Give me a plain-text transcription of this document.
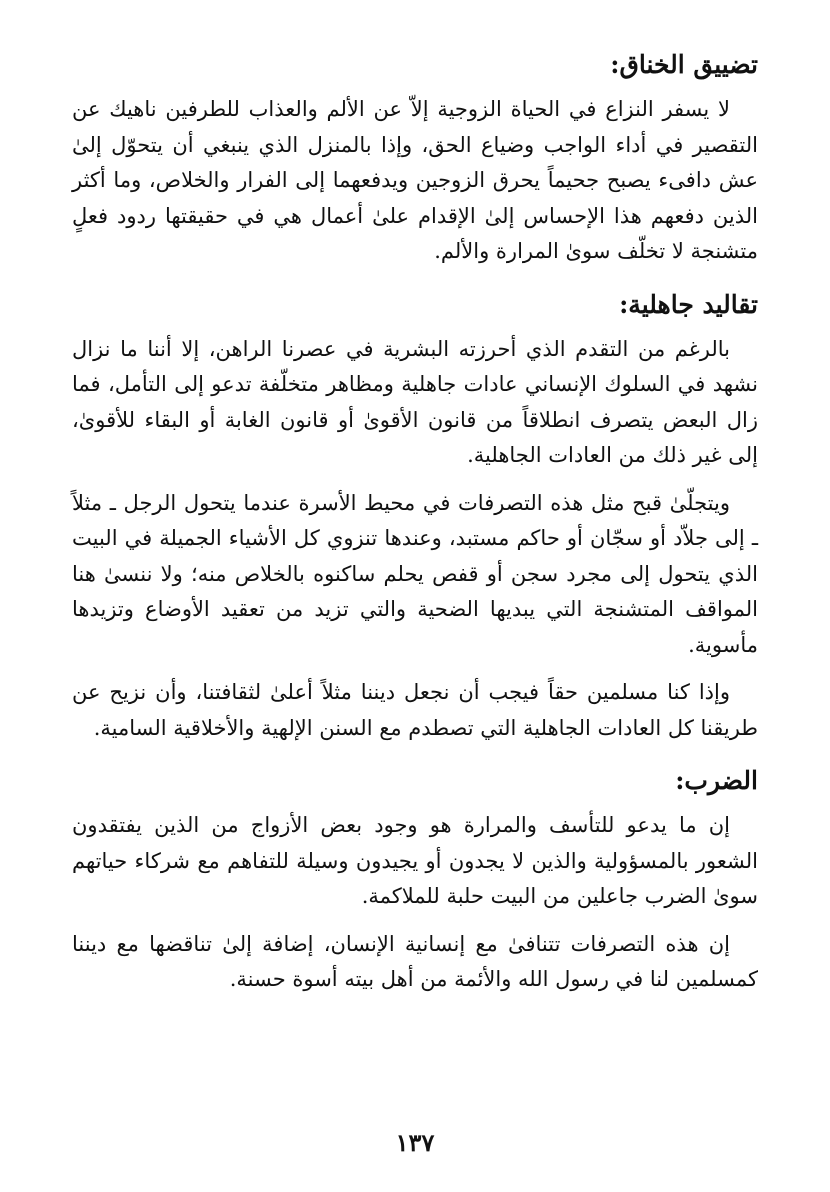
تضييق الخناق:

لا يسفر النزاع في الحياة الزوجية إلاّ عن الألم والعذاب للطرفين ناهيك عن التقصير في أداء الواجب وضياع الحق، وإذا بالمنزل الذي ينبغي أن يتحوّل إلىٰ عش دافىء يصبح جحيماً يحرق الزوجين ويدفعهما إلى الفرار والخلاص، وما أكثر الذين دفعهم هذا الإحساس إلىٰ الإقدام علىٰ أعمال هي في حقيقتها ردود فعلٍ متشنجة لا تخلّف سوىٰ المرارة والألم.

تقاليد جاهلية:

بالرغم من التقدم الذي أحرزته البشرية في عصرنا الراهن، إلا أننا ما نزال نشهد في السلوك الإنساني عادات جاهلية ومظاهر متخلّفة تدعو إلى التأمل، فما زال البعض يتصرف انطلاقاً من قانون الأقوىٰ أو قانون الغابة أو البقاء للأقوىٰ، إلى غير ذلك من العادات الجاهلية.

ويتجلّىٰ قبح مثل هذه التصرفات في محيط الأسرة عندما يتحول الرجل ـ مثلاً ـ إلى جلاّد أو سجّان أو حاكم مستبد، وعندها تنزوي كل الأشياء الجميلة في البيت الذي يتحول إلى مجرد سجن أو قفص يحلم ساكنوه بالخلاص منه؛ ولا ننسىٰ هنا المواقف المتشنجة التي يبديها الضحية والتي تزيد من تعقيد الأوضاع وتزيدها مأسوية.

وإذا كنا مسلمين حقاً فيجب أن نجعل ديننا مثلاً أعلىٰ لثقافتنا، وأن نزيح عن طريقنا كل العادات الجاهلية التي تصطدم مع السنن الإلهية والأخلاقية السامية.

الضرب:

إن ما يدعو للتأسف والمرارة هو وجود بعض الأزواج من الذين يفتقدون الشعور بالمسؤولية والذين لا يجدون أو يجيدون وسيلة للتفاهم مع شركاء حياتهم سوىٰ الضرب جاعلين من البيت حلبة للملاكمة.

إن هذه التصرفات تتنافىٰ مع إنسانية الإنسان، إضافة إلىٰ تناقضها مع ديننا كمسلمين لنا في رسول الله والأئمة من أهل بيته أسوة حسنة.

١٣٧
